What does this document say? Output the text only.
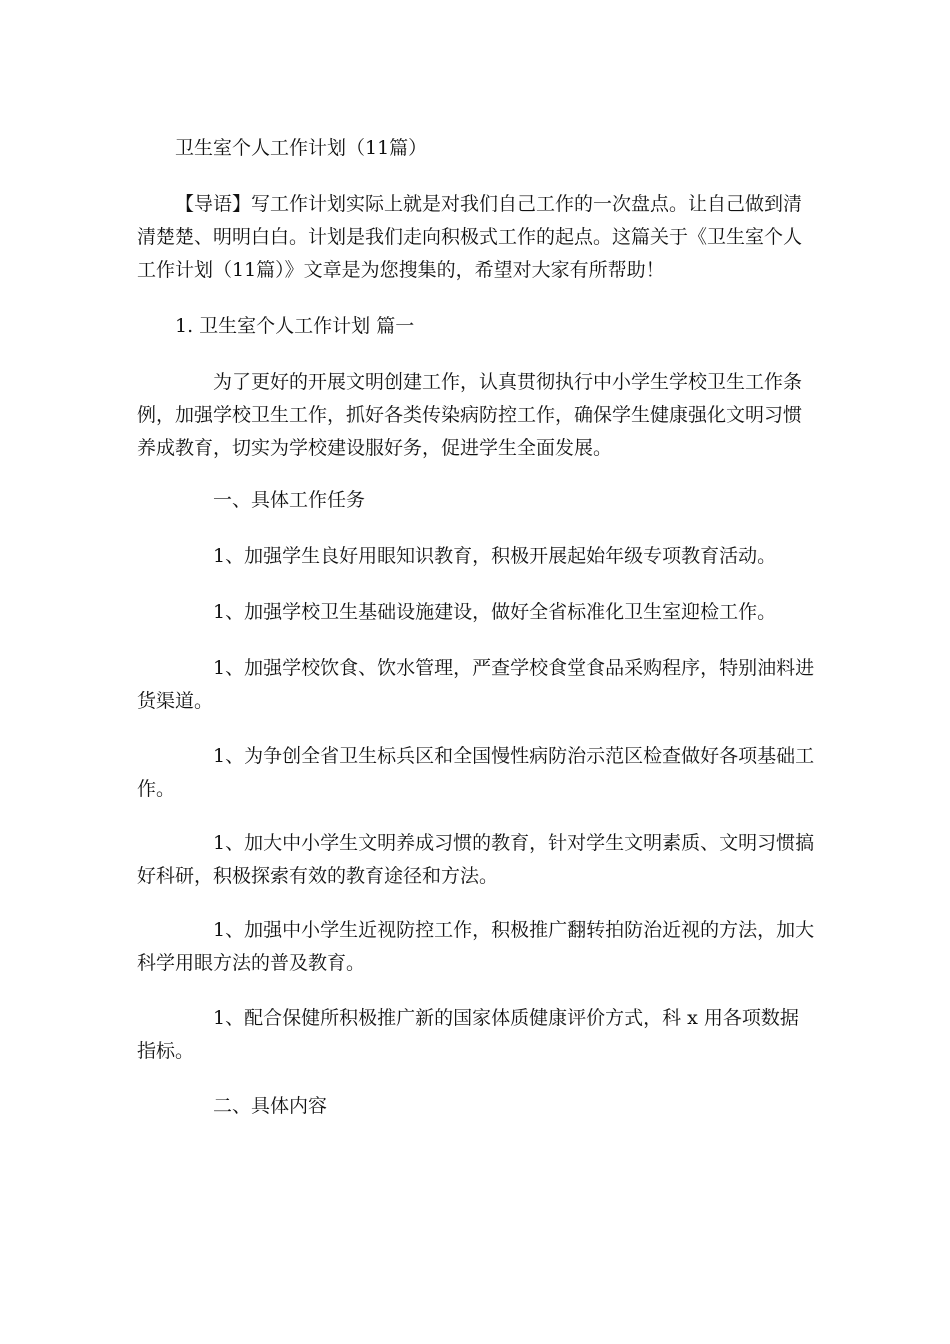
卫生室个人工作计划（11篇）

【导语】写工作计划实际上就是对我们自己工作的一次盘点。让自己做到清清楚楚、明明白白。计划是我们走向积极式工作的起点。这篇关于《卫生室个人工作计划（11篇）》文章是为您搜集的，希望对大家有所帮助！

1. 卫生室个人工作计划 篇一

为了更好的开展文明创建工作，认真贯彻执行中小学生学校卫生工作条例，加强学校卫生工作，抓好各类传染病防控工作，确保学生健康强化文明习惯养成教育，切实为学校建设服好务，促进学生全面发展。

一、具体工作任务

1、加强学生良好用眼知识教育，积极开展起始年级专项教育活动。

1、加强学校卫生基础设施建设，做好全省标准化卫生室迎检工作。

1、加强学校饮食、饮水管理，严查学校食堂食品采购程序，特别油料进货渠道。

1、为争创全省卫生标兵区和全国慢性病防治示范区检查做好各项基础工作。

1、加大中小学生文明养成习惯的教育，针对学生文明素质、文明习惯搞好科研，积极探索有效的教育途径和方法。

1、加强中小学生近视防控工作，积极推广翻转拍防治近视的方法，加大科学用眼方法的普及教育。

1、配合保健所积极推广新的国家体质健康评价方式，科 x 用各项数据指标。

二、具体内容
